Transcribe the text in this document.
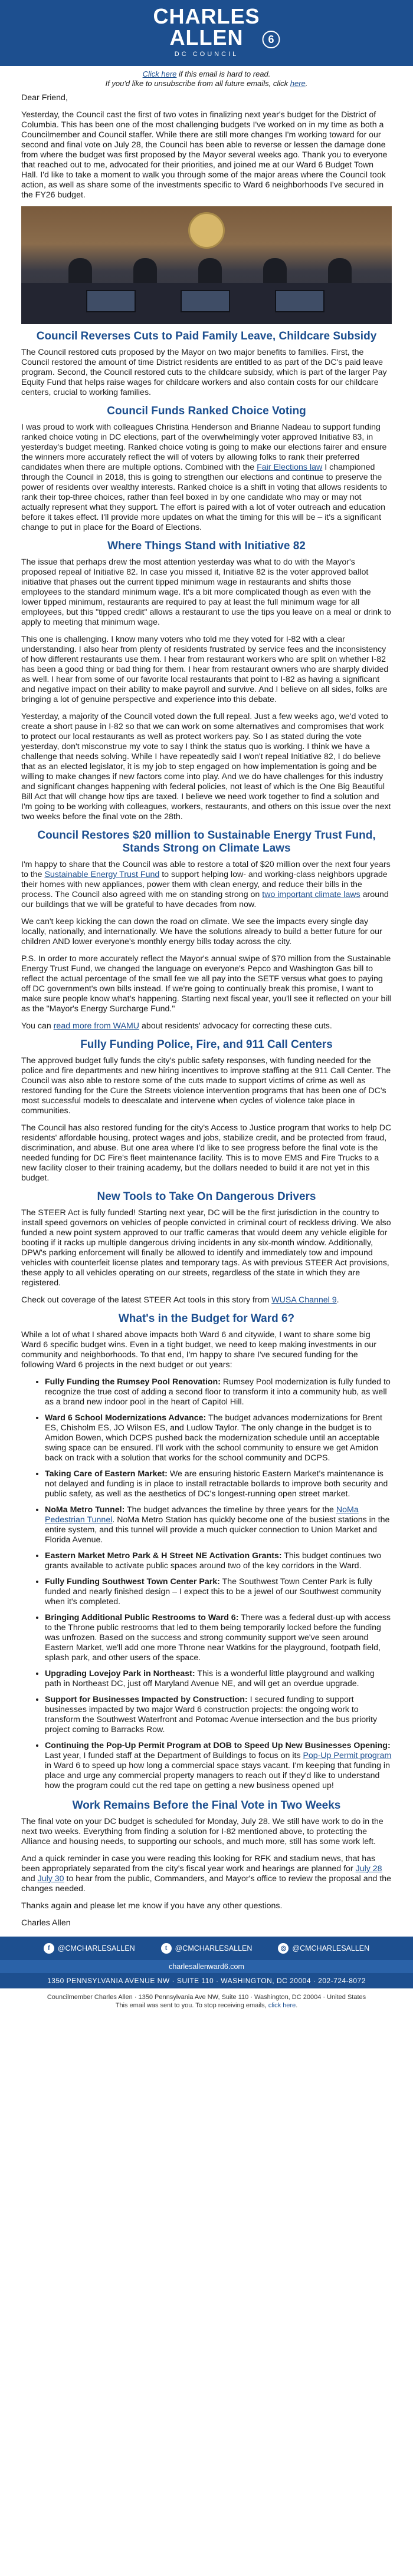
CHARLES
ALLEN
DC COUNCIL
6
Click here if this email is hard to read.
If you'd like to unsubscribe from all future emails, click here.

Dear Friend,

Yesterday, the Council cast the first of two votes in finalizing next year's budget for the District of Columbia. This has been one of the most challenging budgets I've worked on in my time as both a Councilmember and Council staffer. While there are still more changes I'm working toward for our second and final vote on July 28, the Council has been able to reverse or lessen the damage done from where the budget was first proposed by the Mayor several weeks ago. Thank you to everyone that reached out to me, advocated for their priorities, and joined me at our Ward 6 Budget Town Hall. I'd like to take a moment to walk you through some of the major areas where the Council took action, as well as share some of the investments specific to Ward 6 neighborhoods I've secured in the FY26 budget.

Council Reverses Cuts to Paid Family Leave, Childcare Subsidy

The Council restored cuts proposed by the Mayor on two major benefits to families. First, the Council restored the amount of time District residents are entitled to as part of the DC's paid leave program. Second, the Council restored cuts to the childcare subsidy, which is part of the larger Pay Equity Fund that helps raise wages for childcare workers and also contain costs for our childcare centers, crucial to working families.

Council Funds Ranked Choice Voting

I was proud to work with colleagues Christina Henderson and Brianne Nadeau to support funding ranked choice voting in DC elections, part of the overwhelmingly voter approved Initiative 83, in yesterday's budget meeting. Ranked choice voting is going to make our elections fairer and ensure the winners more accurately reflect the will of voters by allowing folks to rank their preferred candidates when there are multiple options. Combined with the Fair Elections law I championed through the Council in 2018, this is going to strengthen our elections and continue to preserve the power of residents over wealthy interests. Ranked choice is a shift in voting that allows residents to rank their top-three choices, rather than feel boxed in by one candidate who may or may not actually represent what they support. The effort is paired with a lot of voter outreach and education before it takes effect. I'll provide more updates on what the timing for this will be – it's a significant change to put in place for the Board of Elections.

Where Things Stand with Initiative 82

The issue that perhaps drew the most attention yesterday was what to do with the Mayor's proposed repeal of Initiative 82. In case you missed it, Initiative 82 is the voter approved ballot initiative that phases out the current tipped minimum wage in restaurants and shifts those employees to the standard minimum wage. It's a bit more complicated though as even with the lower tipped minimum, restaurants are required to pay at least the full minimum wage for all employees, but this "tipped credit" allows a restaurant to use the tips you leave on a meal or drink to apply to meeting that minimum wage.

This one is challenging. I know many voters who told me they voted for I-82 with a clear understanding. I also hear from plenty of residents frustrated by service fees and the inconsistency of how different restaurants use them. I hear from restaurant workers who are split on whether I-82 has been a good thing or bad thing for them. I hear from restaurant owners who are sharply divided as well. I hear from some of our favorite local restaurants that point to I-82 as having a significant and negative impact on their ability to make payroll and survive. And I believe on all sides, folks are bringing a lot of genuine perspective and experience into this debate.

Yesterday, a majority of the Council voted down the full repeal. Just a few weeks ago, we'd voted to create a short pause in I-82 so that we can work on some alternatives and compromises that work to protect our local restaurants as well as protect workers pay. So I as stated during the vote yesterday, don't misconstrue my vote to say I think the status quo is working. I think we have a challenge that needs solving. While I have repeatedly said I won't repeal Initiative 82, I do believe that as an elected legislator, it is my job to step engaged on how implementation is going and be willing to make changes if new factors come into play. And we do have challenges for this industry and significant changes happening with federal policies, not least of which is the One Big Beautiful Bill Act that will change how tips are taxed. I believe we need work together to find a solution and I'm going to be working with colleagues, workers, restaurants, and others on this issue over the next two weeks before the final vote on the 28th.

Council Restores $20 million to Sustainable Energy Trust Fund, Stands Strong on Climate Laws

I'm happy to share that the Council was able to restore a total of $20 million over the next four years to the Sustainable Energy Trust Fund to support helping low- and working-class neighbors upgrade their homes with new appliances, power them with clean energy, and reduce their bills in the process. The Council also agreed with me on standing strong on two important climate laws around our buildings that we will be grateful to have decades from now.

We can't keep kicking the can down the road on climate. We see the impacts every single day locally, nationally, and internationally. We have the solutions already to build a better future for our children AND lower everyone's monthly energy bills today across the city.

P.S. In order to more accurately reflect the Mayor's annual swipe of $70 million from the Sustainable Energy Trust Fund, we changed the language on everyone's Pepco and Washington Gas bill to reflect the actual percentage of the small fee we all pay into the SETF versus what goes to paying off DC government's own bills instead. If we're going to continually break this promise, I want to make sure people know what's happening. Starting next fiscal year, you'll see it reflected on your bill as the "Mayor's Energy Surcharge Fund."

You can read more from WAMU about residents' advocacy for correcting these cuts.

Fully Funding Police, Fire, and 911 Call Centers

The approved budget fully funds the city's public safety responses, with funding needed for the police and fire departments and new hiring incentives to improve staffing at the 911 Call Center. The Council was also able to restore some of the cuts made to support victims of crime as well as restored funding for the Cure the Streets violence intervention programs that has been one of DC's most successful models to deescalate and intervene when cycles of violence take place in communities.

The Council has also restored funding for the city's Access to Justice program that works to help DC residents' affordable housing, protect wages and jobs, stabilize credit, and be protected from fraud, discrimination, and abuse. But one area where I'd like to see progress before the final vote is the needed funding for DC Fire's fleet maintenance facility. This is to move EMS and Fire Trucks to a new facility closer to their training academy, but the dollars needed to build it are not yet in this budget.

New Tools to Take On Dangerous Drivers

The STEER Act is fully funded! Starting next year, DC will be the first jurisdiction in the country to install speed governors on vehicles of people convicted in criminal court of reckless driving. We also funded a new point system approved to our traffic cameras that would deem any vehicle eligible for booting if it racks up multiple dangerous driving incidents in any six-month window. Additionally, DPW's parking enforcement will finally be allowed to identify and immediately tow and impound vehicles with counterfeit license plates and temporary tags. As with previous STEER Act provisions, these apply to all vehicles operating on our streets, regardless of the state in which they are registered.

Check out coverage of the latest STEER Act tools in this story from WUSA Channel 9.

What's in the Budget for Ward 6?

While a lot of what I shared above impacts both Ward 6 and citywide, I want to share some big Ward 6 specific budget wins. Even in a tight budget, we need to keep making investments in our community and neighborhoods. To that end, I'm happy to share I've secured funding for the following Ward 6 projects in the next budget or out years:

• Fully Funding the Rumsey Pool Renovation: Rumsey Pool modernization is fully funded to recognize the true cost of adding a second floor to transform it into a community hub, as well as a brand new indoor pool in the heart of Capitol Hill.
• Ward 6 School Modernizations Advance: The budget advances modernizations for Brent ES, Chisholm ES, JO Wilson ES, and Ludlow Taylor. The only change in the budget is to Amidon Bowen, which DCPS pushed back the modernization schedule until an acceptable swing space can be ensured. I'll work with the school community to ensure we get Amidon back on track with a solution that works for the school community and DCPS.
• Taking Care of Eastern Market: We are ensuring historic Eastern Market's maintenance is not delayed and funding is in place to install retractable bollards to improve both security and public safety, as well as the aesthetics of DC's longest-running open street market.
• NoMa Metro Tunnel: The budget advances the timeline by three years for the NoMa Pedestrian Tunnel. NoMa Metro Station has quickly become one of the busiest stations in the entire system, and this tunnel will provide a much quicker connection to Union Market and Florida Avenue.
• Eastern Market Metro Park & H Street NE Activation Grants: This budget continues two grants available to activate public spaces around two of the key corridors in the Ward.
• Fully Funding Southwest Town Center Park: The Southwest Town Center Park is fully funded and nearly finished design – I expect this to be a jewel of our Southwest community when it's completed.
• Bringing Additional Public Restrooms to Ward 6: There was a federal dust-up with access to the Throne public restrooms that led to them being temporarily locked before the funding was unfrozen. Based on the success and strong community support we've seen around Eastern Market, we'll add one more Throne near Watkins for the playground, footpath field, splash park, and other users of the space.
• Upgrading Lovejoy Park in Northeast: This is a wonderful little playground and walking path in Northeast DC, just off Maryland Avenue NE, and will get an overdue upgrade.
• Support for Businesses Impacted by Construction: I secured funding to support businesses impacted by two major Ward 6 construction projects: the ongoing work to transform the Southwest Waterfront and Potomac Avenue intersection and the bus priority project coming to Barracks Row.
• Continuing the Pop-Up Permit Program at DOB to Speed Up New Businesses Opening: Last year, I funded staff at the Department of Buildings to focus on its Pop-Up Permit program in Ward 6 to speed up how long a commercial space stays vacant. I'm keeping that funding in place and urge any commercial property managers to reach out if they'd like to understand how the program could cut the red tape on getting a new business opened up!
Work Remains Before the Final Vote in Two Weeks

The final vote on your DC budget is scheduled for Monday, July 28. We still have work to do in the next two weeks. Everything from finding a solution for I-82 mentioned above, to protecting the Alliance and housing needs, to supporting our schools, and much more, still has some work left.

And a quick reminder in case you were reading this looking for RFK and stadium news, that has been appropriately separated from the city's fiscal year work and hearings are planned for July 28 and July 30 to hear from the public, Commanders, and Mayor's office to review the proposal and the changes needed.

Thanks again and please let me know if you have any other questions.

Charles Allen
f	@CMCHARLESALLEN	t	@CMCHARLESALLEN	◎ @CMCHARLESALLEN
charlesallenward6.com
1350 PENNSYLVANIA AVENUE NW · SUITE 110 · WASHINGTON, DC 20004 · 202-724-8072
Councilmember Charles Allen · 1350 Pennsylvania Ave NW, Suite 110 · Washington, DC 20004 · United States
This email was sent to you. To stop receiving emails, click here.
